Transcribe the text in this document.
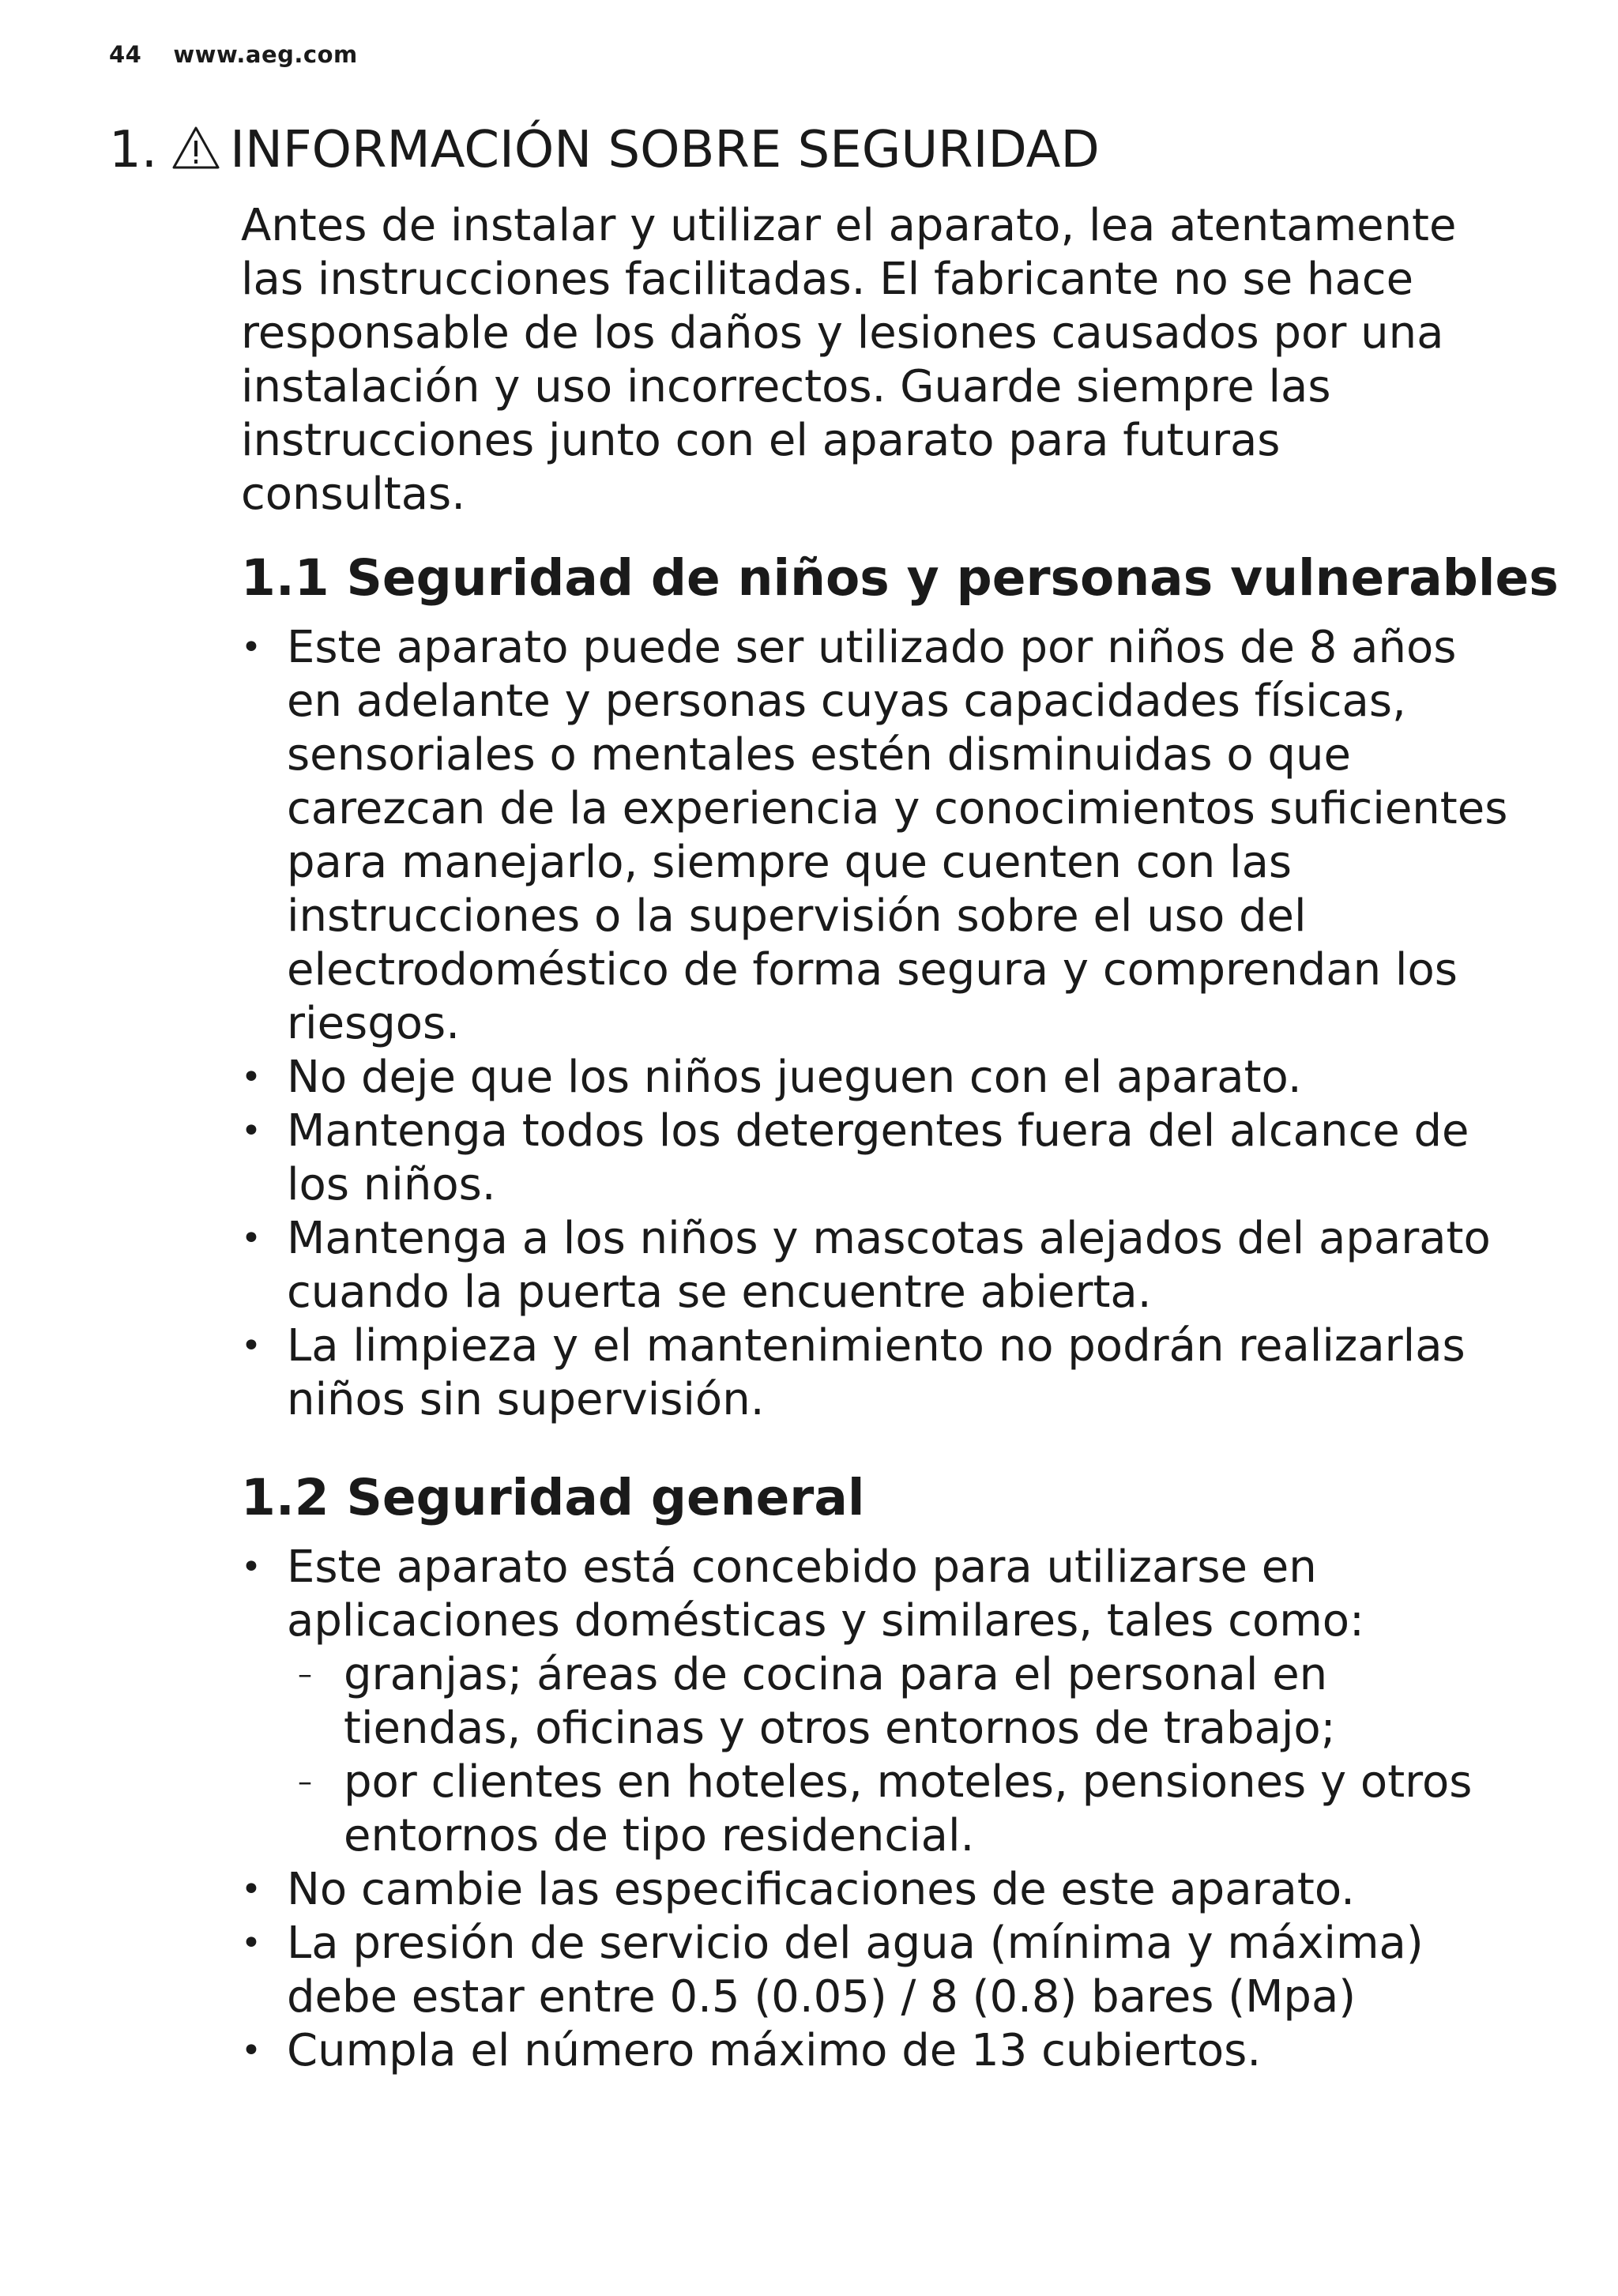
44 www.aeg.com
1. INFORMACIÓN SOBRE SEGURIDAD

Antes de instalar y utilizar el aparato, lea atentamente
las instrucciones facilitadas. El fabricante no se hace
responsable de los daños y lesiones causados por una
instalación y uso incorrectos. Guarde siempre las
instrucciones junto con el aparato para futuras
consultas.

1.1 Seguridad de niños y personas vulnerables
• Este aparato puede ser utilizado por niños de 8 años
en adelante y personas cuyas capacidades físicas,
sensoriales o mentales estén disminuidas o que
carezcan de la experiencia y conocimientos suficientes
para manejarlo, siempre que cuenten con las
instrucciones o la supervisión sobre el uso del
electrodoméstico de forma segura y comprendan los
riesgos.
• No deje que los niños jueguen con el aparato.
• Mantenga todos los detergentes fuera del alcance de
los niños.
• Mantenga a los niños y mascotas alejados del aparato
cuando la puerta se encuentre abierta.
• La limpieza y el mantenimiento no podrán realizarlas
niños sin supervisión.
1.2 Seguridad general
• Este aparato está concebido para utilizarse en
aplicaciones domésticas y similares, tales como:
– granjas; áreas de cocina para el personal en
tiendas, oficinas y otros entornos de trabajo;
– por clientes en hoteles, moteles, pensiones y otros
entornos de tipo residencial.
• No cambie las especificaciones de este aparato.
• La presión de servicio del agua (mínima y máxima)
debe estar entre 0.5 (0.05) / 8 (0.8) bares (Mpa)
• Cumpla el número máximo de 13 cubiertos.
